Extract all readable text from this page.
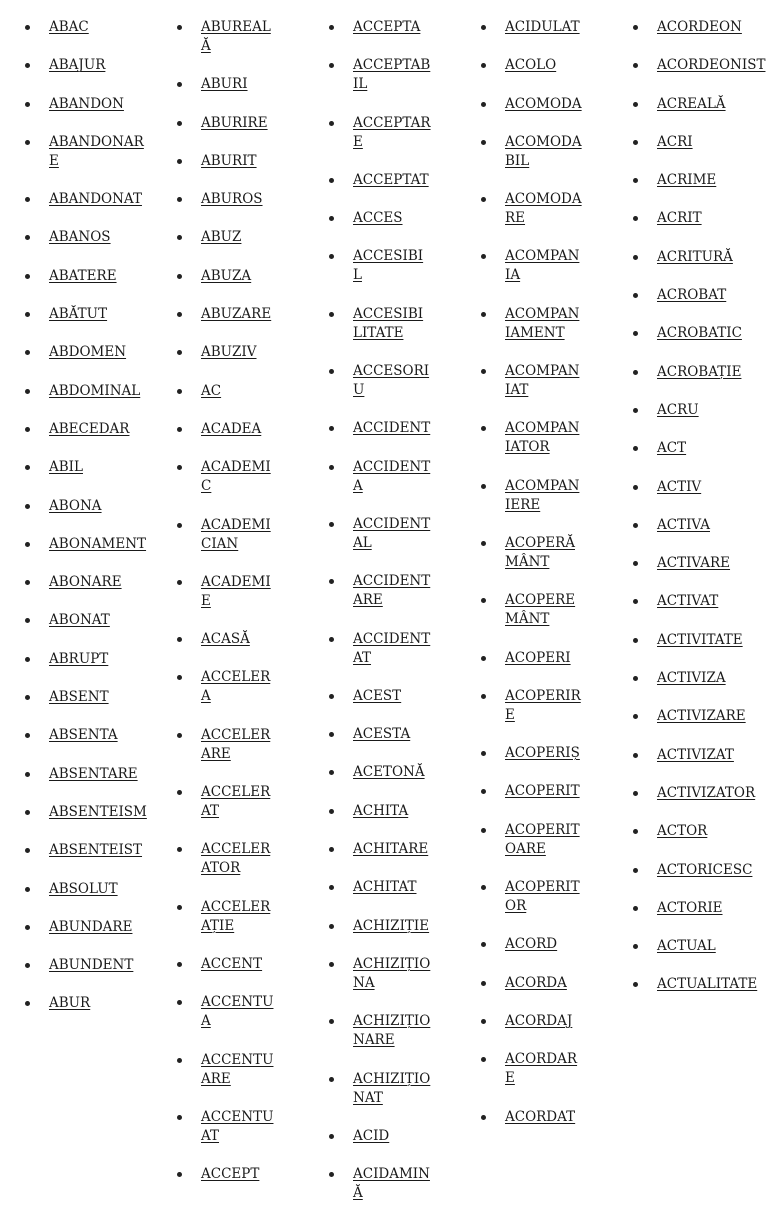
ABAC
ABAJUR
ABANDON
ABANDONARE
ABANDONAT
ABANOS
ABATERE
ABĂTUT
ABDOMEN
ABDOMINAL
ABECEDAR
ABIL
ABONA
ABONAMENT
ABONARE
ABONAT
ABRUPT
ABSENT
ABSENTA
ABSENTARE
ABSENTEISM
ABSENTEIST
ABSOLUT
ABUNDARE
ABUNDENT
ABUR
ABUREALĂ
ABURI
ABURIRE
ABURIT
ABUROS
ABUZ
ABUZA
ABUZARE
ABUZIV
AC
ACADEA
ACADEMIC
ACADEMICIAN
ACADEMIE
ACASĂ
ACCELERA
ACCELERARE
ACCELERAT
ACCELERATOR
ACCELERAȚIE
ACCENT
ACCENTUA
ACCENTUARE
ACCENTUAT
ACCEPT
ACCEPTA
ACCEPTABIL
ACCEPTARE
ACCEPTAT
ACCES
ACCESIBIL
ACCESIBILITATE
ACCESORIU
ACCIDENT
ACCIDENTA
ACCIDENTAL
ACCIDENTARE
ACCIDENTAT
ACEST
ACESTA
ACETONĂ
ACHITA
ACHITARE
ACHITAT
ACHIZIȚIE
ACHIZIȚIONA
ACHIZIȚIONARE
ACHIZIȚIONAT
ACID
ACIDAMINĂ
ACIDULAT
ACOLO
ACOMODA
ACOMODABIL
ACOMODARE
ACOMPANIA
ACOMPANIAMENT
ACOMPANIAT
ACOMPANIATOR
ACOMPANIERE
ACOPERĂMÂNT
ACOPEREMÂNT
ACOPERI
ACOPERIRE
ACOPERIȘ
ACOPERIT
ACOPERITOARE
ACOPERITOR
ACORD
ACORDA
ACORDAJ
ACORDARE
ACORDAT
ACORDEON
ACORDEONIST
ACREALĂ
ACRI
ACRIME
ACRIT
ACRITURĂ
ACROBAT
ACROBATIC
ACROBAȚIE
ACRU
ACT
ACTIV
ACTIVA
ACTIVARE
ACTIVAT
ACTIVITATE
ACTIVIZA
ACTIVIZARE
ACTIVIZAT
ACTIVIZATOR
ACTOR
ACTORICESC
ACTORIE
ACTUAL
ACTUALITATE
